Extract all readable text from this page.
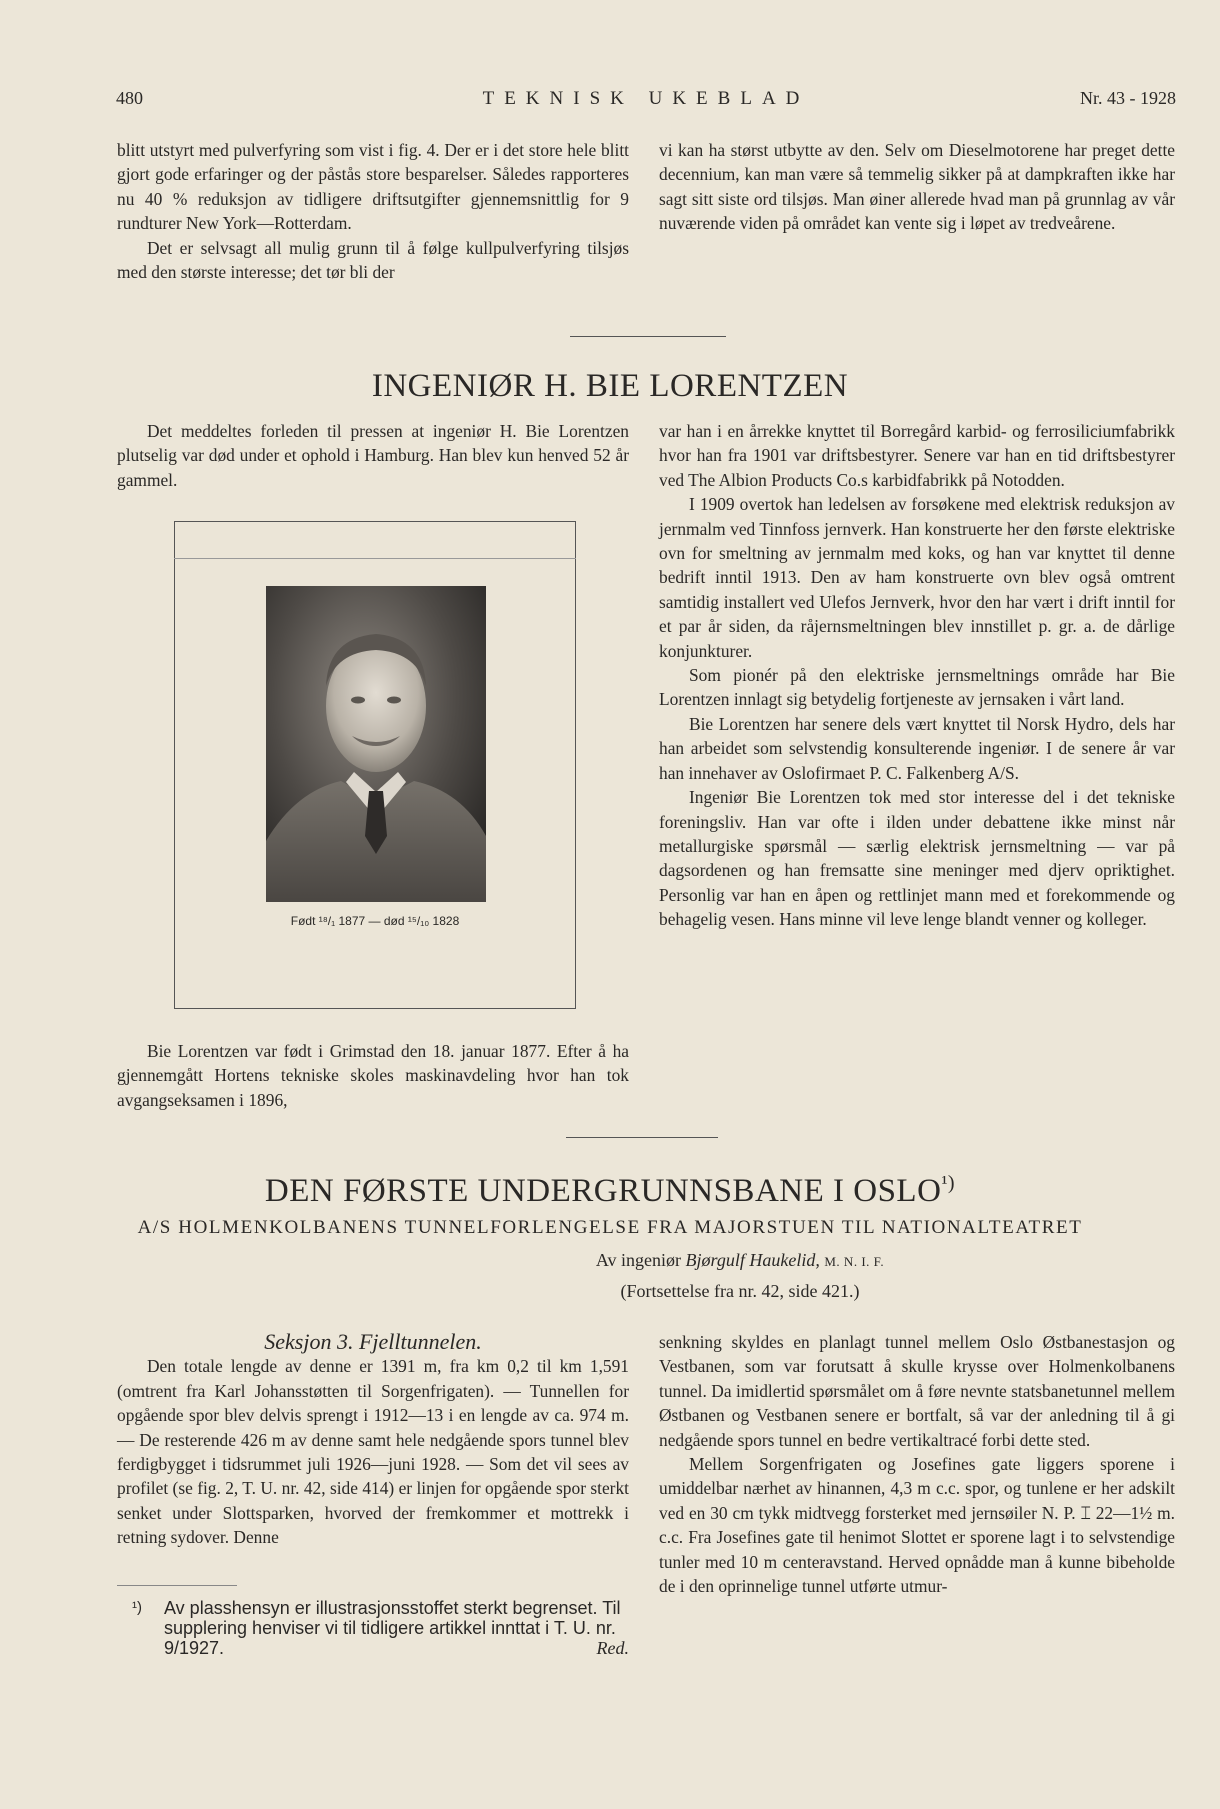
480	TEKNISK UKEBLAD	Nr. 43 - 1928

blitt utstyrt med pulverfyring som vist i fig. 4. Der er i det store hele blitt gjort gode erfaringer og der påstås store besparelser. Således rapporteres nu 40 % reduksjon av tidligere driftsutgifter gjennemsnittlig for 9 rundturer New York—Rotterdam.

Det er selvsagt all mulig grunn til å følge kullpulverfyring tilsjøs med den største interesse; det tør bli der

vi kan ha størst utbytte av den. Selv om Dieselmotorene har preget dette decennium, kan man være så temmelig sikker på at dampkraften ikke har sagt sitt siste ord tilsjøs. Man øiner allerede hvad man på grunnlag av vår nuværende viden på området kan vente sig i løpet av tredveårene.

INGENIØR H. BIE LORENTZEN

Det meddeltes forleden til pressen at ingeniør H. Bie Lorentzen plutselig var død under et ophold i Hamburg. Han blev kun henved 52 år gammel.

Født ¹⁸/₁ 1877 — død ¹⁵/₁₀ 1828

Bie Lorentzen var født i Grimstad den 18. januar 1877. Efter å ha gjennemgått Hortens tekniske skoles maskinavdeling hvor han tok avgangseksamen i 1896,

var han i en årrekke knyttet til Borregård karbid- og ferrosiliciumfabrikk hvor han fra 1901 var driftsbestyrer. Senere var han en tid driftsbestyrer ved The Albion Products Co.s karbidfabrikk på Notodden.

I 1909 overtok han ledelsen av forsøkene med elektrisk reduksjon av jernmalm ved Tinnfoss jernverk. Han konstruerte her den første elektriske ovn for smeltning av jernmalm med koks, og han var knyttet til denne bedrift inntil 1913. Den av ham konstruerte ovn blev også omtrent samtidig installert ved Ulefos Jernverk, hvor den har vært i drift inntil for et par år siden, da råjernsmeltningen blev innstillet p. gr. a. de dårlige konjunkturer.

Som pionér på den elektriske jernsmeltnings område har Bie Lorentzen innlagt sig betydelig fortjeneste av jernsaken i vårt land.

Bie Lorentzen har senere dels vært knyttet til Norsk Hydro, dels har han arbeidet som selvstendig konsulterende ingeniør. I de senere år var han innehaver av Oslofirmaet P. C. Falkenberg A/S.

Ingeniør Bie Lorentzen tok med stor interesse del i det tekniske foreningsliv. Han var ofte i ilden under debattene ikke minst når metallurgiske spørsmål — særlig elektrisk jernsmeltning — var på dagsordenen og han fremsatte sine meninger med djerv opriktighet. Personlig var han en åpen og rettlinjet mann med et forekommende og behagelig vesen. Hans minne vil leve lenge blandt venner og kolleger.

DEN FØRSTE UNDERGRUNNSBANE I $OSLO^{^1)}$
A/S HOLMENKOLBANENS TUNNELFORLENGELSE FRA MAJORSTUEN TIL NATIONALTEATRET
Av ingeniør Bjørgulf Haukelid, M. N. I. F.
(Fortsettelse fra nr. 42, side 421.)

Seksjon 3. Fjelltunnelen.

Den totale lengde av denne er 1391 m, fra km 0,2 til km 1,591 (omtrent fra Karl Johansstøtten til Sorgenfrigaten). — Tunnellen for opgående spor blev delvis sprengt i 1912—13 i en lengde av ca. 974 m. — De resterende 426 m av denne samt hele nedgående spors tunnel blev ferdigbygget i tidsrummet juli 1926—juni 1928. — Som det vil sees av profilet (se fig. 2, T. U. nr. 42, side 414) er linjen for opgående spor sterkt senket under Slottsparken, hvorved der fremkommer et mottrekk i retning sydover. Denne

¹) Av plasshensyn er illustrasjonsstoffet sterkt begrenset. Til supplering henviser vi til tidligere artikkel innttat i T. U. nr. 9/1927.	Red.

senkning skyldes en planlagt tunnel mellem Oslo Østbanestasjon og Vestbanen, som var forutsatt å skulle krysse over Holmenkolbanens tunnel. Da imidlertid spørsmålet om å føre nevnte statsbanetunnel mellem Østbanen og Vestbanen senere er bortfalt, så var der anledning til å gi nedgående spors tunnel en bedre vertikaltracé forbi dette sted.

Mellem Sorgenfrigaten og Josefines gate liggers sporene i umiddelbar nærhet av hinannen, 4,3 m c.c. spor, og tunlene er her adskilt ved en 30 cm tykk midtvegg forsterket med jernsøiler N. P. ⌶ 22—1½ m. c.c. Fra Josefines gate til henimot Slottet er sporene lagt i to selvstendige tunler med 10 m centeravstand. Herved opnådde man å kunne bibeholde de i den oprinnelige tunnel utførte utmur-
